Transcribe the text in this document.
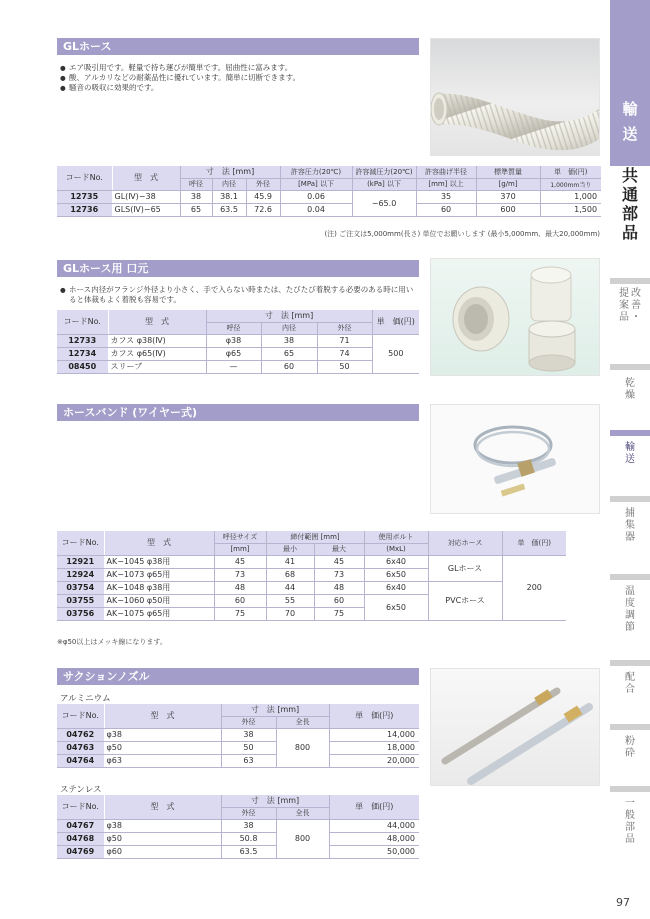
輸
送
共
通
部
品
提
案
品
改
善
・
乾
燥
輸
送
捕
集
器
温
度
調
節
配
合
粉
砕
一
般
部
品
97
GLホース
● エア吸引用です。軽量で持ち運びが簡単です。屈曲性に富みます。
● 酸、アルカリなどの耐薬品性に優れています。簡単に切断できます。
● 騒音の吸収に効果的です。
コードNo.	型　式	寸　法 [mm]			許容圧力(20℃)	許容減圧力(20℃)	許容曲げ半径	標準質量	単　価(円)
		呼径	内径	外径	[MPa] 以下	(kPa] 以下	[mm] 以上	[g/m]	1,000mm当り
12735	GL(Ⅳ)−38	38	38.1	45.9	0.06	−65.0	35	370	1,000
12736	GLS(Ⅳ)−65	65	63.5	72.6	0.04		60	600	1,500
(注) ご注文は5,000mm(長さ) 単位でお願いします (最小5,000mm、最大20,000mm)
GLホース用 口元
● ホース内径がフランジ外径より小さく、手で入らない時または、たびたび着脱する必要のある時に用いると体裁もよく着脱も容易です。
コードNo.	型　式	寸　法 [mm]			単　価(円)
		呼径	内径	外径	
12733	カフス φ38(Ⅳ)	φ38	38	71	500
12734	カフス φ65(Ⅳ)	φ65	65	74	
08450	スリーブ	—	60	50	
ホースバンド (ワイヤー式)
コードNo.	型　式	呼径サイズ	締付範囲 [mm]		使用ボルト	対応ホース	単　価(円)
		[mm]	最小	最大	(MxL)		
12921	AK−1045 φ38用	45	41	45	6x40	GLホース	200
12924	AK−1073 φ65用	73	68	73	6x50		
03754	AK−1048 φ38用	48	44	48	6x40	PVCホース	
03755	AK−1060 φ50用	60	55	60	6x50		
03756	AK−1075 φ65用	75	70	75			
※φ50以上はメッキ線になります。
サクションノズル
アルミニウム
コードNo.	型　式	寸　法 [mm]		単　価(円)
		外径	全長	
04762	φ38	38	800	14,000
04763	φ50	50		18,000
04764	φ63	63		20,000
ステンレス
コードNo.	型　式	寸　法 [mm]		単　価(円)
		外径	全長	
04767	φ38	38	800	44,000
04768	φ50	50.8		48,000
04769	φ60	63.5		50,000
